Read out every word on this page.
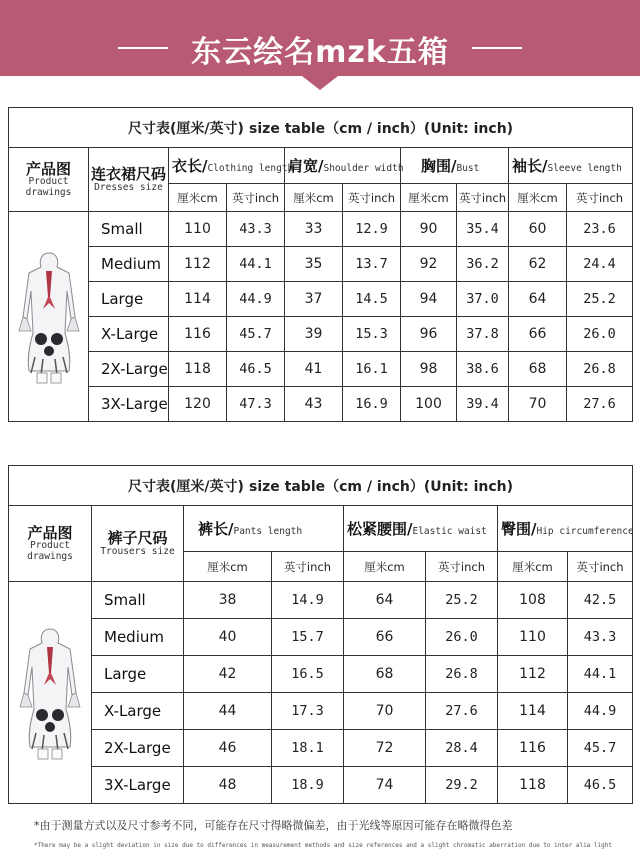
东云绘名mzk五箱
尺寸表(厘米/英寸) size table（cm / inch）(Unit: inch)									

产品图
Product drawings	连衣裙尺码
Dresses size	衣长/Clothing length		肩宽/Shoulder width		胸围/Bust		袖长/Sleeve length	
		厘米cm	英寸inch	厘米cm	英寸inch	厘米cm	英寸inch	厘米cm	英寸inch

	Small	110	43.3	33	12.9	90	35.4	60	23.6
	Medium	112	44.1	35	13.7	92	36.2	62	24.4
	Large	114	44.9	37	14.5	94	37.0	64	25.2
	X-Large	116	45.7	39	15.3	96	37.8	66	26.0
	2X-Large	118	46.5	41	16.1	98	38.6	68	26.8
	3X-Large	120	47.3	43	16.9	100	39.4	70	27.6
尺寸表(厘米/英寸) size table（cm / inch）(Unit: inch)							

产品图
Product drawings	裤子尺码
Trousers size	裤长/Pants length		松紧腰围/Elastic waist		臀围/Hip circumference	
		厘米cm	英寸inch	厘米cm	英寸inch	厘米cm	英寸inch

	Small	38	14.9	64	25.2	108	42.5
	Medium	40	15.7	66	26.0	110	43.3
	Large	42	16.5	68	26.8	112	44.1
	X-Large	44	17.3	70	27.6	114	44.9
	2X-Large	46	18.1	72	28.4	116	45.7
	3X-Large	48	18.9	74	29.2	118	46.5
*由于测量方式以及尺寸参考不同，可能存在尺寸得略微偏差，由于光线等原因可能存在略微得色差
*There may be a slight deviation in size due to differences in measurement methods and size references and a slight chromatic aberration due to inter alia light
